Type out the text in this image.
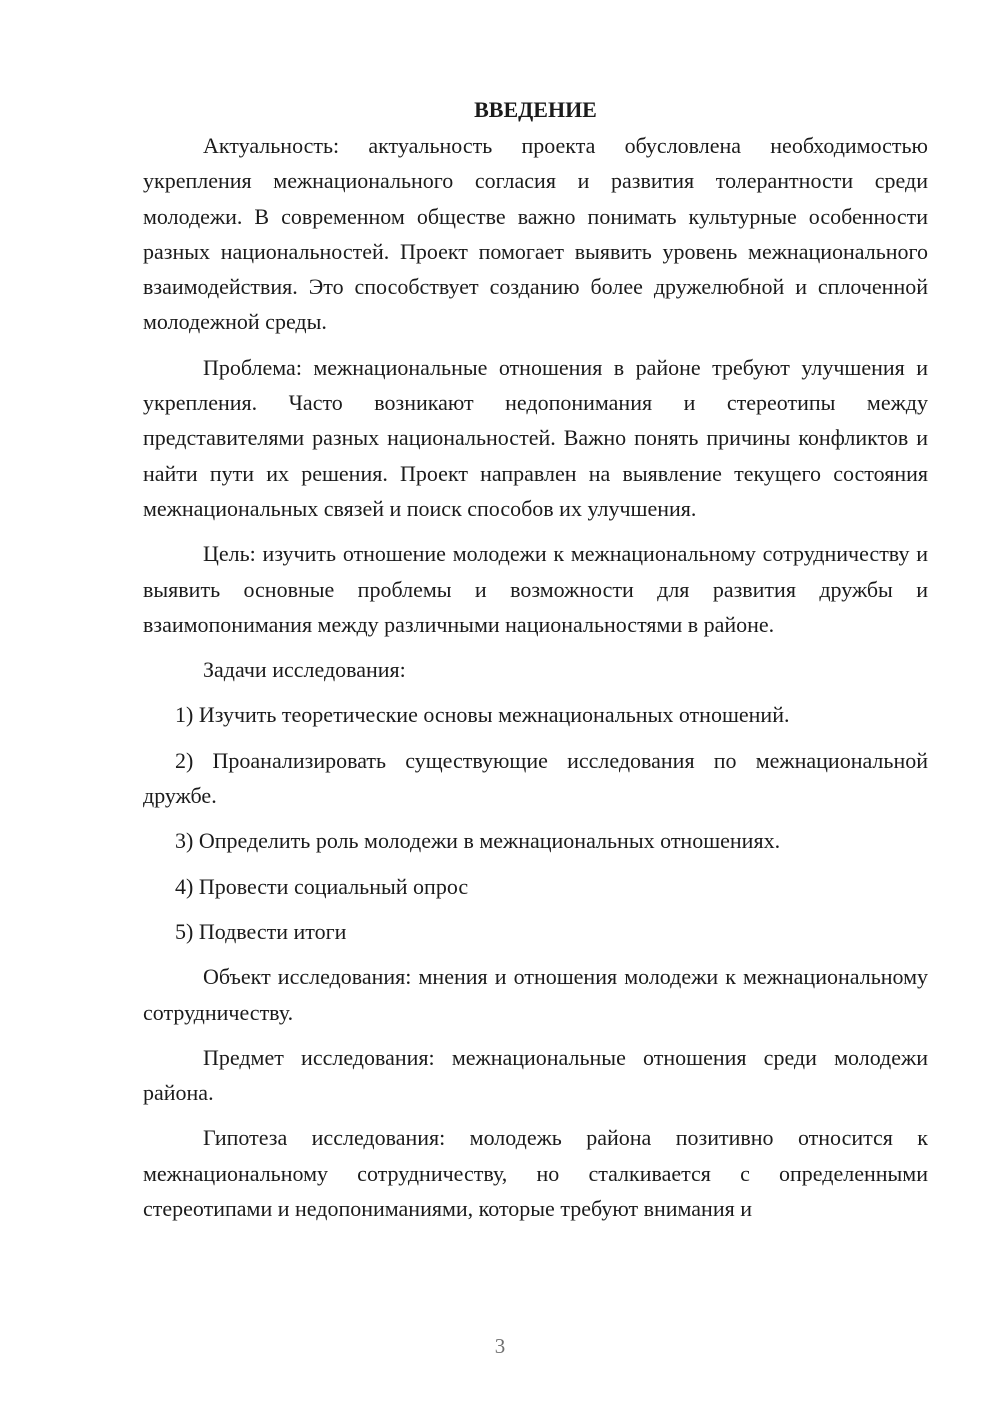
ВВЕДЕНИЕ

Актуальность: актуальность проекта обусловлена необходимостью укрепления межнационального согласия и развития толерантности среди молодежи. В современном обществе важно понимать культурные особенности разных национальностей. Проект помогает выявить уровень межнационального взаимодействия. Это способствует созданию более дружелюбной и сплоченной молодежной среды.

Проблема: межнациональные отношения в районе требуют улучшения и укрепления. Часто возникают недопонимания и стереотипы между представителями разных национальностей. Важно понять причины конфликтов и найти пути их решения. Проект направлен на выявление текущего состояния межнациональных связей и поиск способов их улучшения.

Цель: изучить отношение молодежи к межнациональному сотрудничеству и выявить основные проблемы и возможности для развития дружбы и взаимопонимания между различными национальностями в районе.

Задачи исследования:

1) Изучить теоретические основы межнациональных отношений.

2) Проанализировать существующие исследования по межнациональной дружбе.

3) Определить роль молодежи в межнациональных отношениях.

4) Провести социальный опрос

5) Подвести итоги

Объект исследования: мнения и отношения молодежи к межнациональному сотрудничеству.

Предмет исследования: межнациональные отношения среди молодежи района.

Гипотеза исследования: молодежь района позитивно относится к межнациональному сотрудничеству, но сталкивается с определенными стереотипами и недопониманиями, которые требуют внимания и

3
